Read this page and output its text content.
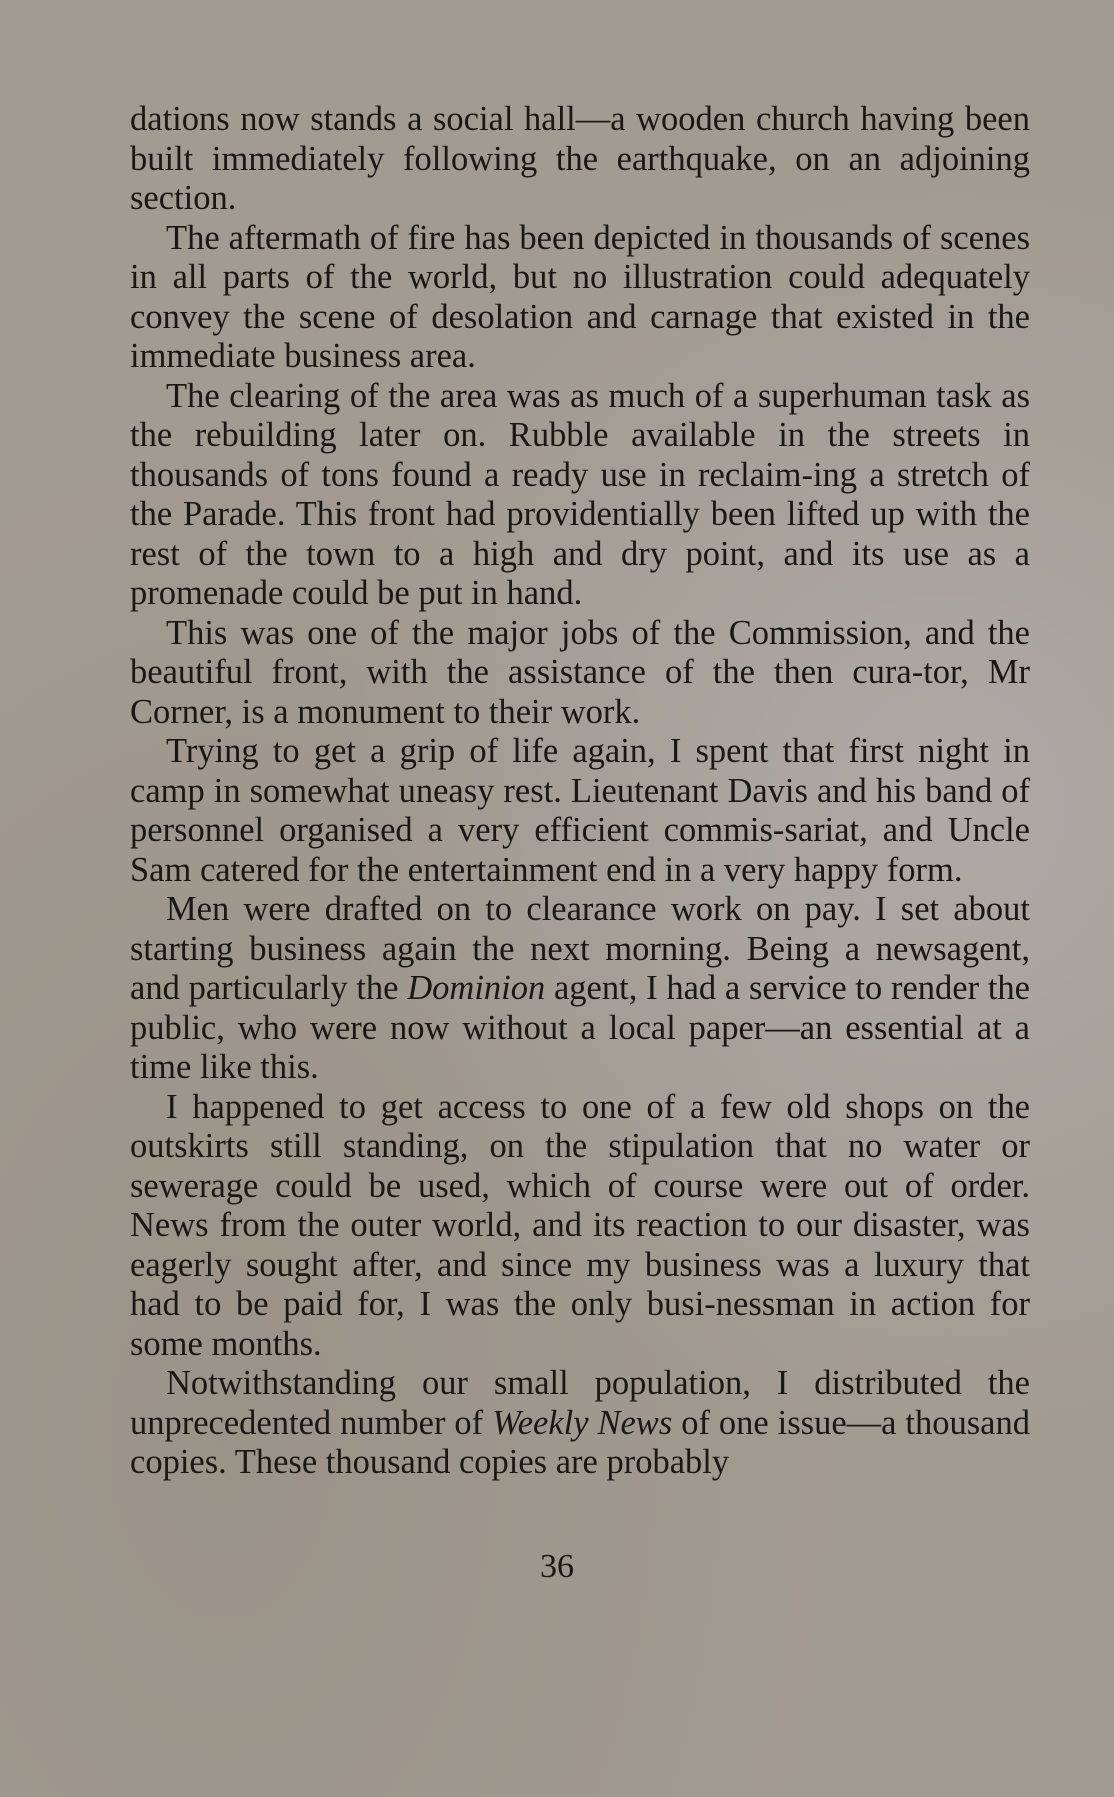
dations now stands a social hall—a wooden church having been built immediately following the earthquake, on an adjoining section.

The aftermath of fire has been depicted in thousands of scenes in all parts of the world, but no illustration could adequately convey the scene of desolation and carnage that existed in the immediate business area.

The clearing of the area was as much of a superhuman task as the rebuilding later on. Rubble available in the streets in thousands of tons found a ready use in reclaim-ing a stretch of the Parade. This front had providentially been lifted up with the rest of the town to a high and dry point, and its use as a promenade could be put in hand.

This was one of the major jobs of the Commission, and the beautiful front, with the assistance of the then cura-tor, Mr Corner, is a monument to their work.

Trying to get a grip of life again, I spent that first night in camp in somewhat uneasy rest. Lieutenant Davis and his band of personnel organised a very efficient commis-sariat, and Uncle Sam catered for the entertainment end in a very happy form.

Men were drafted on to clearance work on pay. I set about starting business again the next morning. Being a newsagent, and particularly the Dominion agent, I had a service to render the public, who were now without a local paper—an essential at a time like this.

I happened to get access to one of a few old shops on the outskirts still standing, on the stipulation that no water or sewerage could be used, which of course were out of order. News from the outer world, and its reaction to our disaster, was eagerly sought after, and since my business was a luxury that had to be paid for, I was the only busi-nessman in action for some months.

Notwithstanding our small population, I distributed the unprecedented number of Weekly News of one issue—a thousand copies. These thousand copies are probably

36
